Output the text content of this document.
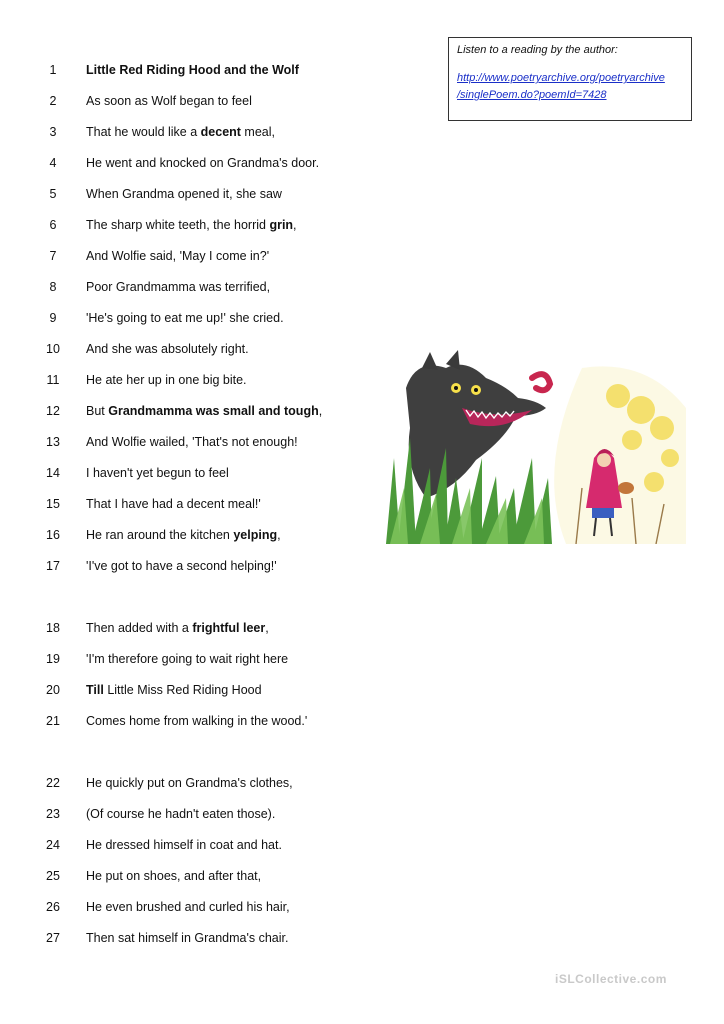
1	Little Red Riding Hood and the Wolf
2	As soon as Wolf began to feel
3	That he would like a decent meal,
4	He went and knocked on Grandma's door.
5	When Grandma opened it, she saw
6	The sharp white teeth, the horrid grin,
7	And Wolfie said, 'May I come in?'
8	Poor Grandmamma was terrified,
9	'He's going to eat me up!' she cried.
10	And she was absolutely right.
11	He ate her up in one big bite.
12	But Grandmamma was small and tough,
13	And Wolfie wailed, 'That's not enough!
14	I haven't yet begun to feel
15	That I have had a decent meal!'
16	He ran around the kitchen yelping,
17	'I've got to have a second helping!'
18	Then added with a frightful leer,
19	'I'm therefore going to wait right here
20	Till Little Miss Red Riding Hood
21	Comes home from walking in the wood.'
22	He quickly put on Grandma's clothes,
23	(Of course he hadn't eaten those).
24	He dressed himself in coat and hat.
25	He put on shoes, and after that,
26	He even brushed and curled his hair,
27	Then sat himself in Grandma's chair.
Listen to a reading by the author:
http://www.poetryarchive.org/poetryarchive
/singlePoem.do?poemId=7428
iSLCollective.com
